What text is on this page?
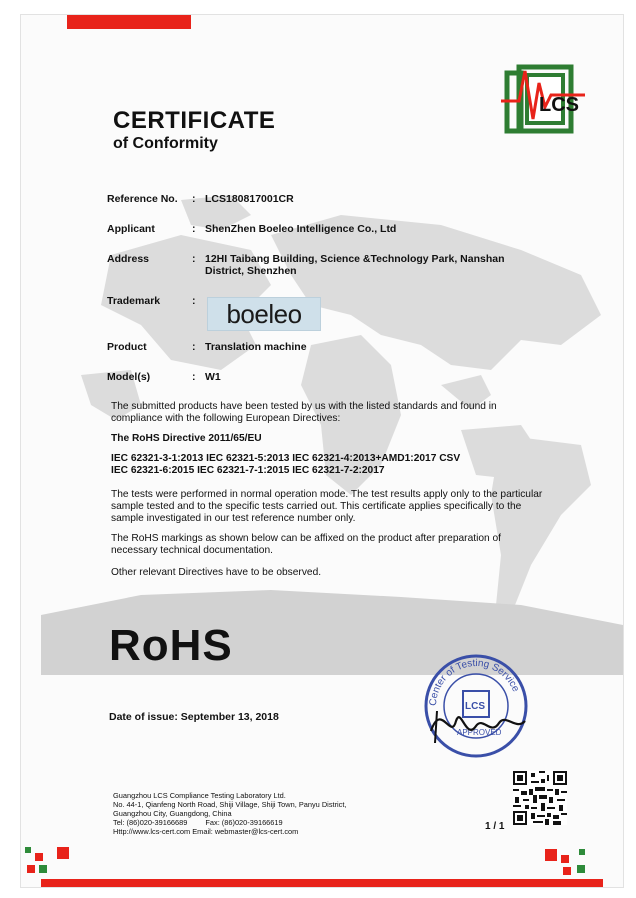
LCS
CERTIFICATE
of Conformity
Reference No. : LCS180817001CR
Applicant	: ShenZhen Boeleo Intelligence Co., Ltd
Address	: 12HI Taibang Building, Science &Technology Park, Nanshan
District, Shenzhen
Trademark	:	boeleo
Product	: Translation machine
Model(s)	: W1
The submitted products have been tested by us with the listed standards and found in
compliance with the following European Directives:
The RoHS Directive 2011/65/EU
IEC 62321-3-1:2013 IEC 62321-5:2013 IEC 62321-4:2013+AMD1:2017 CSV
IEC 62321-6:2015 IEC 62321-7-1:2015 IEC 62321-7-2:2017
The tests were performed in normal operation mode. The test results apply only to the particular
sample tested and to the specific tests carried out. This certificate applies specifically to the
sample investigated in our test reference number only.
The RoHS markings as shown below can be affixed on the product after preparation of
necessary technical documentation.
Other relevant Directives have to be observed.
RoHS
Date of issue: September 13, 2018
Center of Testing Service
LCS
APPROVED
Guangzhou LCS Compliance Testing Laboratory Ltd.
No. 44-1, Qianfeng North Road, Shiji Village, Shiji Town, Panyu District,
Guangzhou City, Guangdong, China
Tel: (86)020-39166689 Fax: (86)020-39166619
Http://www.lcs-cert.com Email: webmaster@lcs-cert.com	1 / 1
